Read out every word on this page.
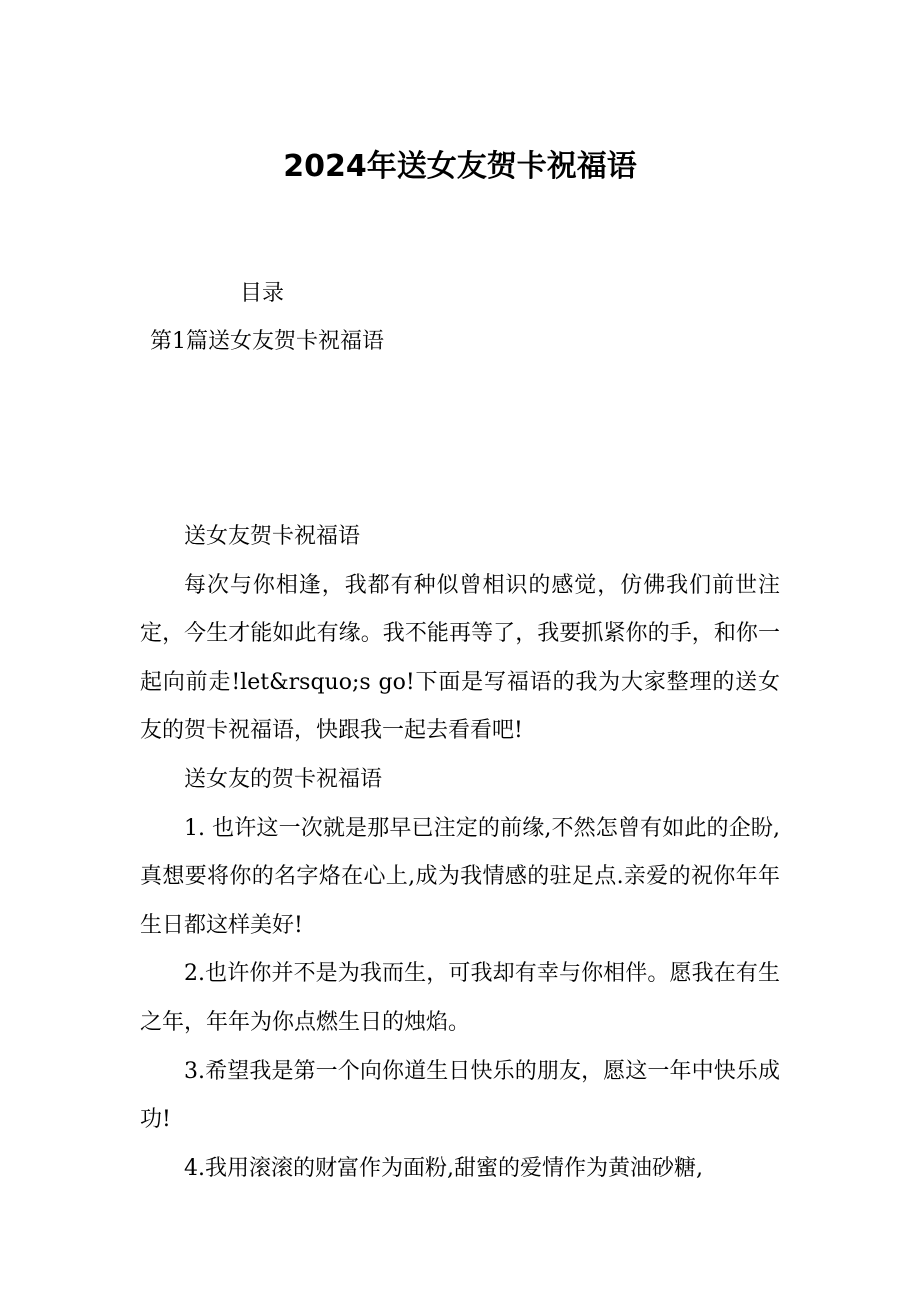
2024年送女友贺卡祝福语
目录
第1篇送女友贺卡祝福语

送女友贺卡祝福语

每次与你相逢，我都有种似曾相识的感觉，仿佛我们前世注定，今生才能如此有缘。我不能再等了，我要抓紧你的手，和你一起向前走!let&rsquo;s go!下面是写福语的我为大家整理的送女友的贺卡祝福语，快跟我一起去看看吧!

送女友的贺卡祝福语

1. 也许这一次就是那早已注定的前缘,不然怎曾有如此的企盼,真想要将你的名字烙在心上,成为我情感的驻足点.亲爱的祝你年年生日都这样美好!

2.也许你并不是为我而生，可我却有幸与你相伴。愿我在有生之年，年年为你点燃生日的烛焰。

3.希望我是第一个向你道生日快乐的朋友，愿这一年中快乐成功!

4.我用滚滚的财富作为面粉,甜蜜的爱情作为黄油砂糖,
